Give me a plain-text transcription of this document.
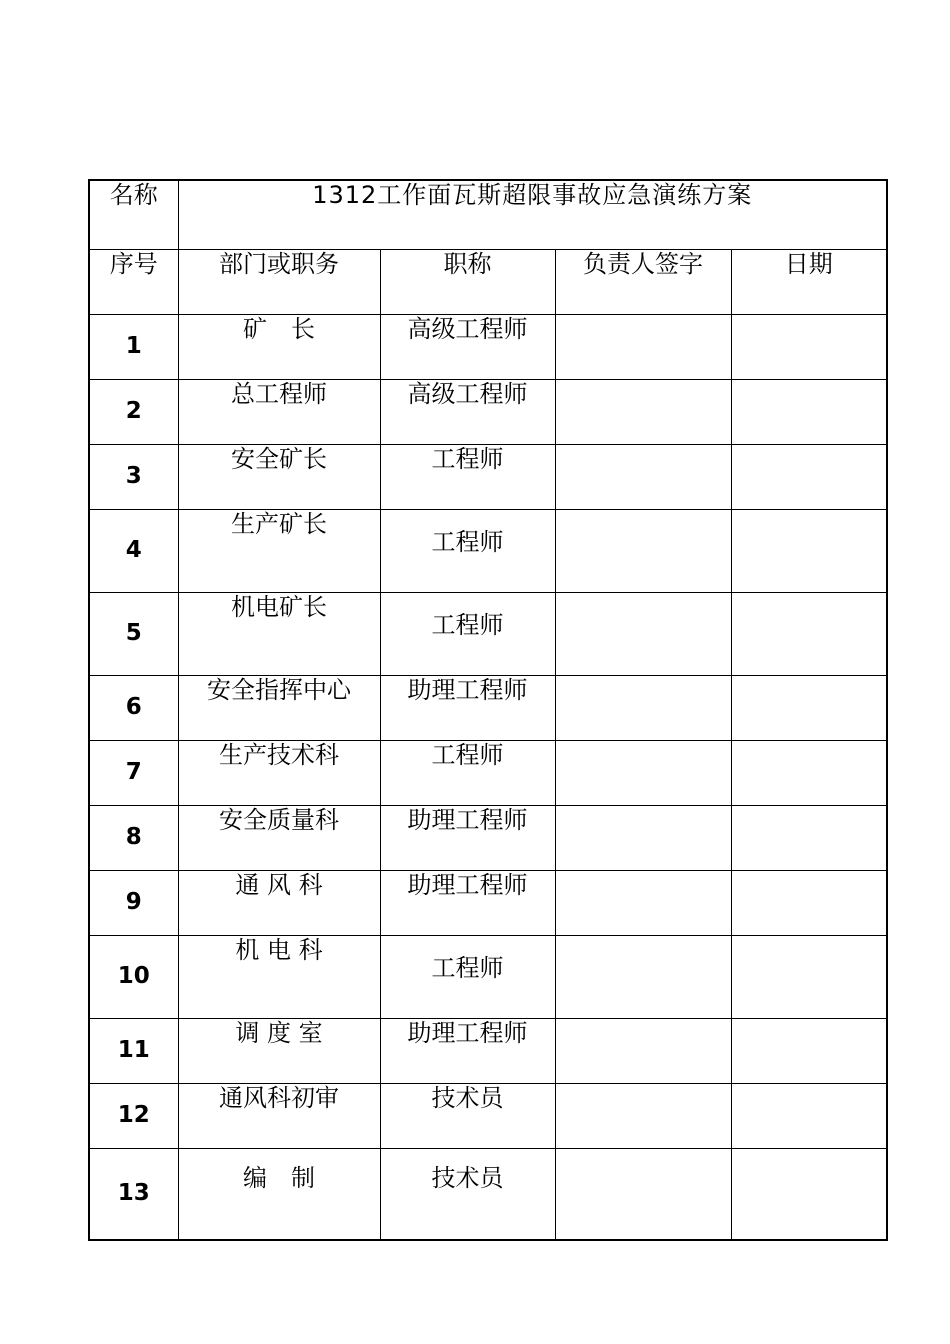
名称	1312工作面瓦斯超限事故应急演练方案			
序号	部门或职务	职称	负责人签字	日期
1	矿　长	高级工程师		
2	总工程师	高级工程师		
3	安全矿长	工程师		
4	生产矿长	工程师		
5	机电矿长	工程师		
6	安全指挥中心	助理工程师		
7	生产技术科	工程师		
8	安全质量科	助理工程师		
9	通 风 科	助理工程师		
10	机 电 科	工程师		
11	调 度 室	助理工程师		
12	通风科初审	技术员		
13	编　制	技术员		
